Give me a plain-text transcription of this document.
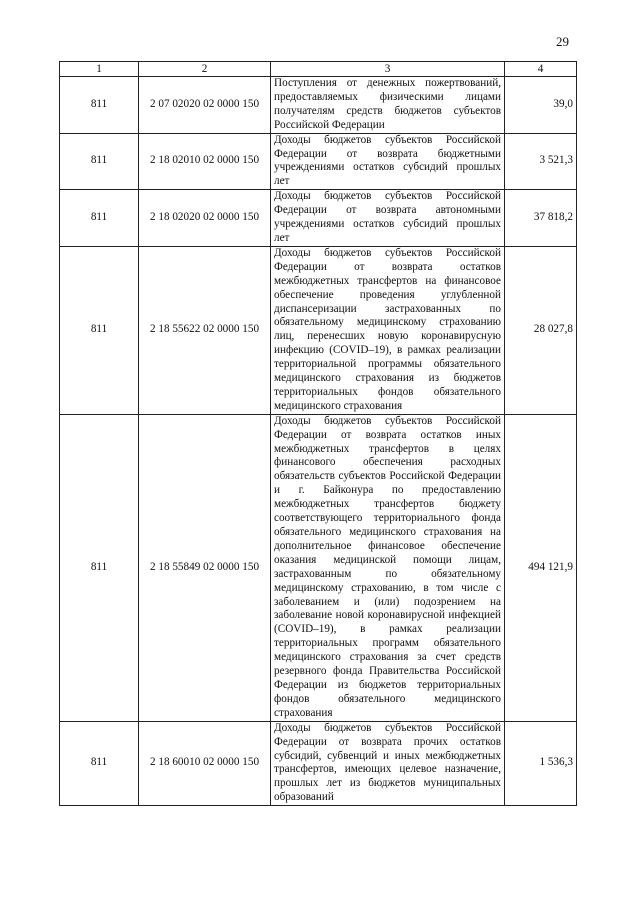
29
1	2	3	4
811	2 07 02020 02 0000 150	Поступления от денежных пожертвований, предоставляемых физическими лицами получателям средств бюджетов субъектов Российской Федерации	39,0
811	2 18 02010 02 0000 150	Доходы бюджетов субъектов Российской Федерации от возврата бюджетными учреждениями остатков субсидий прошлых лет	3 521,3
811	2 18 02020 02 0000 150	Доходы бюджетов субъектов Российской Федерации от возврата автономными учреждениями остатков субсидий прошлых лет	37 818,2
811	2 18 55622 02 0000 150	Доходы бюджетов субъектов Российской Федерации от возврата остатков межбюджетных трансфертов на финансовое обеспечение проведения углубленной диспансеризации застрахованных по обязательному медицинскому страхованию лиц, перенесших новую коронавирусную инфекцию (COVID–19), в рамках реализации территориальной программы обязательного медицинского страхования из бюджетов территориальных фондов обязательного медицинского страхования	28 027,8
811	2 18 55849 02 0000 150	Доходы бюджетов субъектов Российской Федерации от возврата остатков иных межбюджетных трансфертов в целях финансового обеспечения расходных обязательств субъектов Российской Федерации и г. Байконура по предоставлению межбюджетных трансфертов бюджету соответствующего территориального фонда обязательного медицинского страхования на дополнительное финансовое обеспечение оказания медицинской помощи лицам, застрахованным по обязательному медицинскому страхованию, в том числе с заболеванием и (или) подозрением на заболевание новой коронавирусной инфекцией (COVID–19), в рамках реализации территориальных программ обязательного медицинского страхования за счет средств резервного фонда Правительства Российской Федерации из бюджетов территориальных фондов обязательного медицинского страхования	494 121,9
811	2 18 60010 02 0000 150	Доходы бюджетов субъектов Российской Федерации от возврата прочих остатков субсидий, субвенций и иных межбюджетных трансфертов, имеющих целевое назначение, прошлых лет из бюджетов муниципальных образований	1 536,3
